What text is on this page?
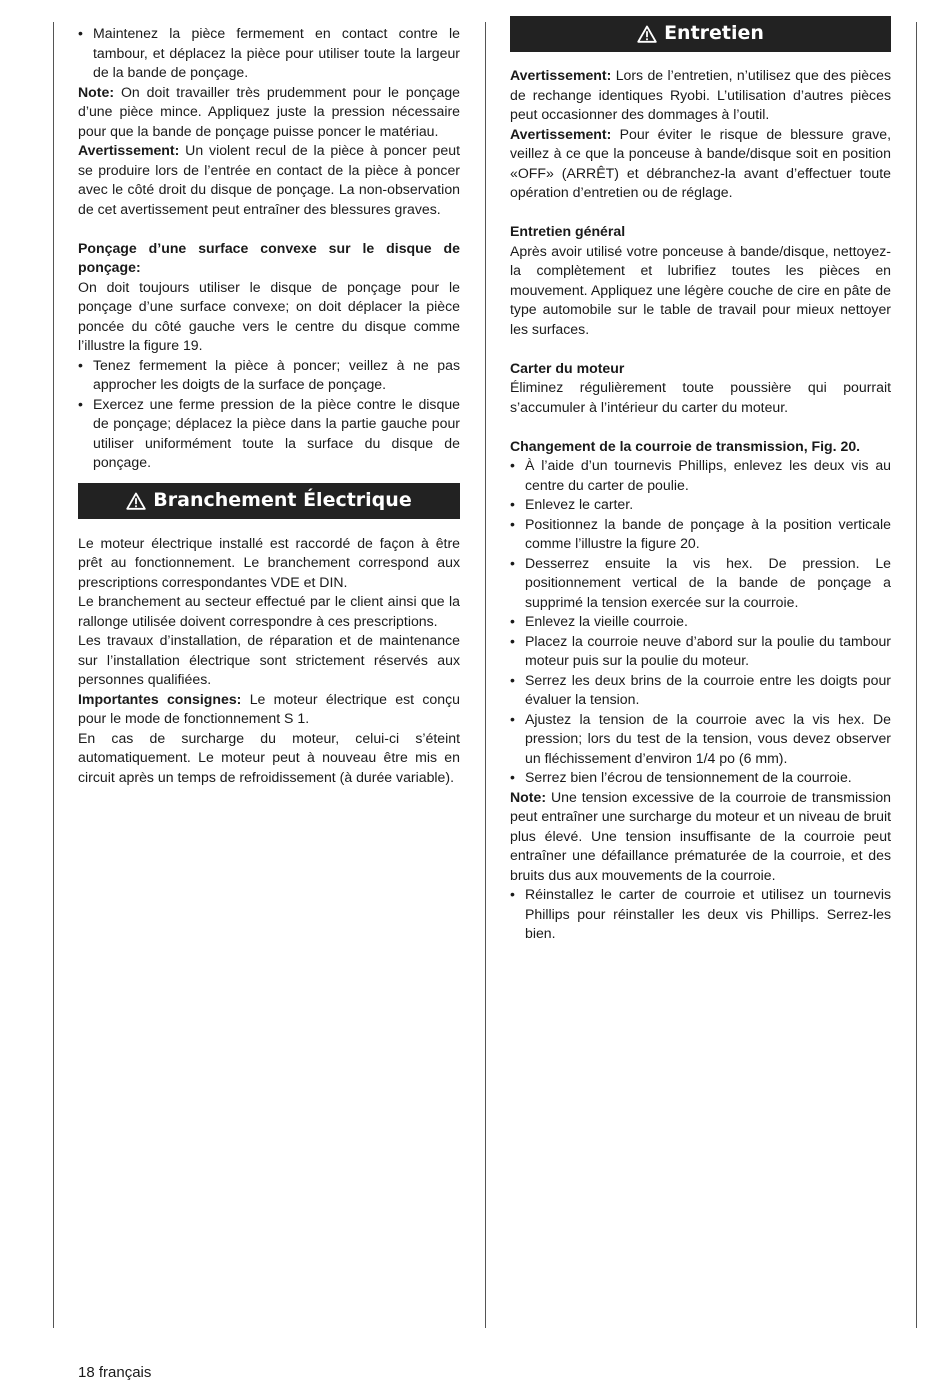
• Maintenez la pièce fermement en contact contre le tambour, et déplacez la pièce pour utiliser toute la largeur de la bande de ponçage.

Note: On doit travailler très prudemment pour le ponçage d’une pièce mince. Appliquez juste la pression nécessaire pour que la bande de ponçage puisse poncer le matériau.

Avertissement: Un violent recul de la pièce à poncer peut se produire lors de l’entrée en contact de la pièce à poncer avec le côté droit du disque de ponçage. La non-observation de cet avertissement peut entraîner des blessures graves.

Ponçage d’une surface convexe sur le disque de ponçage:

On doit toujours utiliser le disque de ponçage pour le ponçage d’une surface convexe; on doit déplacer la pièce poncée du côté gauche vers le centre du disque comme l’illustre la figure 19.

• Tenez fermement la pièce à poncer; veillez à ne pas approcher les doigts de la surface de ponçage.
• Exercez une ferme pression de la pièce contre le disque de ponçage; déplacez la pièce dans la partie gauche pour utiliser uniformément toute la surface du disque de ponçage.
Branchement Électrique

Le moteur électrique installé est raccordé de façon à être prêt au fonctionnement. Le branchement correspond aux prescriptions correspondantes VDE et DIN.

Le branchement au secteur effectué par le client ainsi que la rallonge utilisée doivent correspondre à ces prescriptions.

Les travaux d’installation, de réparation et de maintenance sur l’installation électrique sont strictement réservés aux personnes qualifiées.

Importantes consignes: Le moteur électrique est conçu pour le mode de fonctionnement S 1.

En cas de surcharge du moteur, celui-ci s’éteint automatiquement. Le moteur peut à nouveau être mis en circuit après un temps de refroidissement (à durée variable).

Entretien

Avertissement: Lors de l’entretien, n’utilisez que des pièces de rechange identiques Ryobi. L’utilisation d’autres pièces peut occasionner des dommages à l’outil.

Avertissement: Pour éviter le risque de blessure grave, veillez à ce que la ponceuse à bande/disque soit en position «OFF» (ARRÊT) et débranchez-la avant d’effectuer toute opération d’entretien ou de réglage.

Entretien général

Après avoir utilisé votre ponceuse à bande/disque, nettoyez-la complètement et lubrifiez toutes les pièces en mouvement. Appliquez une légère couche de cire en pâte de type automobile sur le table de travail pour mieux nettoyer les surfaces.

Carter du moteur

Éliminez régulièrement toute poussière qui pourrait s’accumuler à l’intérieur du carter du moteur.

Changement de la courroie de transmission, Fig. 20.

• À l’aide d’un tournevis Phillips, enlevez les deux vis au centre du carter de poulie.
• Enlevez le carter.
• Positionnez la bande de ponçage à la position verticale comme l’illustre la figure 20.
• Desserrez ensuite la vis hex. De pression. Le positionnement vertical de la bande de ponçage a supprimé la tension exercée sur la courroie.
• Enlevez la vieille courroie.
• Placez la courroie neuve d’abord sur la poulie du tambour moteur puis sur la poulie du moteur.
• Serrez les deux brins de la courroie entre les doigts pour évaluer la tension.
• Ajustez la tension de la courroie avec la vis hex. De pression; lors du test de la tension, vous devez observer un fléchissement d’environ 1/4 po (6 mm).
• Serrez bien l’écrou de tensionnement de la courroie.

Note: Une tension excessive de la courroie de transmission peut entraîner une surcharge du moteur et un niveau de bruit plus élevé. Une tension insuffisante de la courroie peut entraîner une défaillance prématurée de la courroie, et des bruits dus aux mouvements de la courroie.

• Réinstallez le carter de courroie et utilisez un tournevis Phillips pour réinstaller les deux vis Phillips. Serrez-les bien.
18 français
